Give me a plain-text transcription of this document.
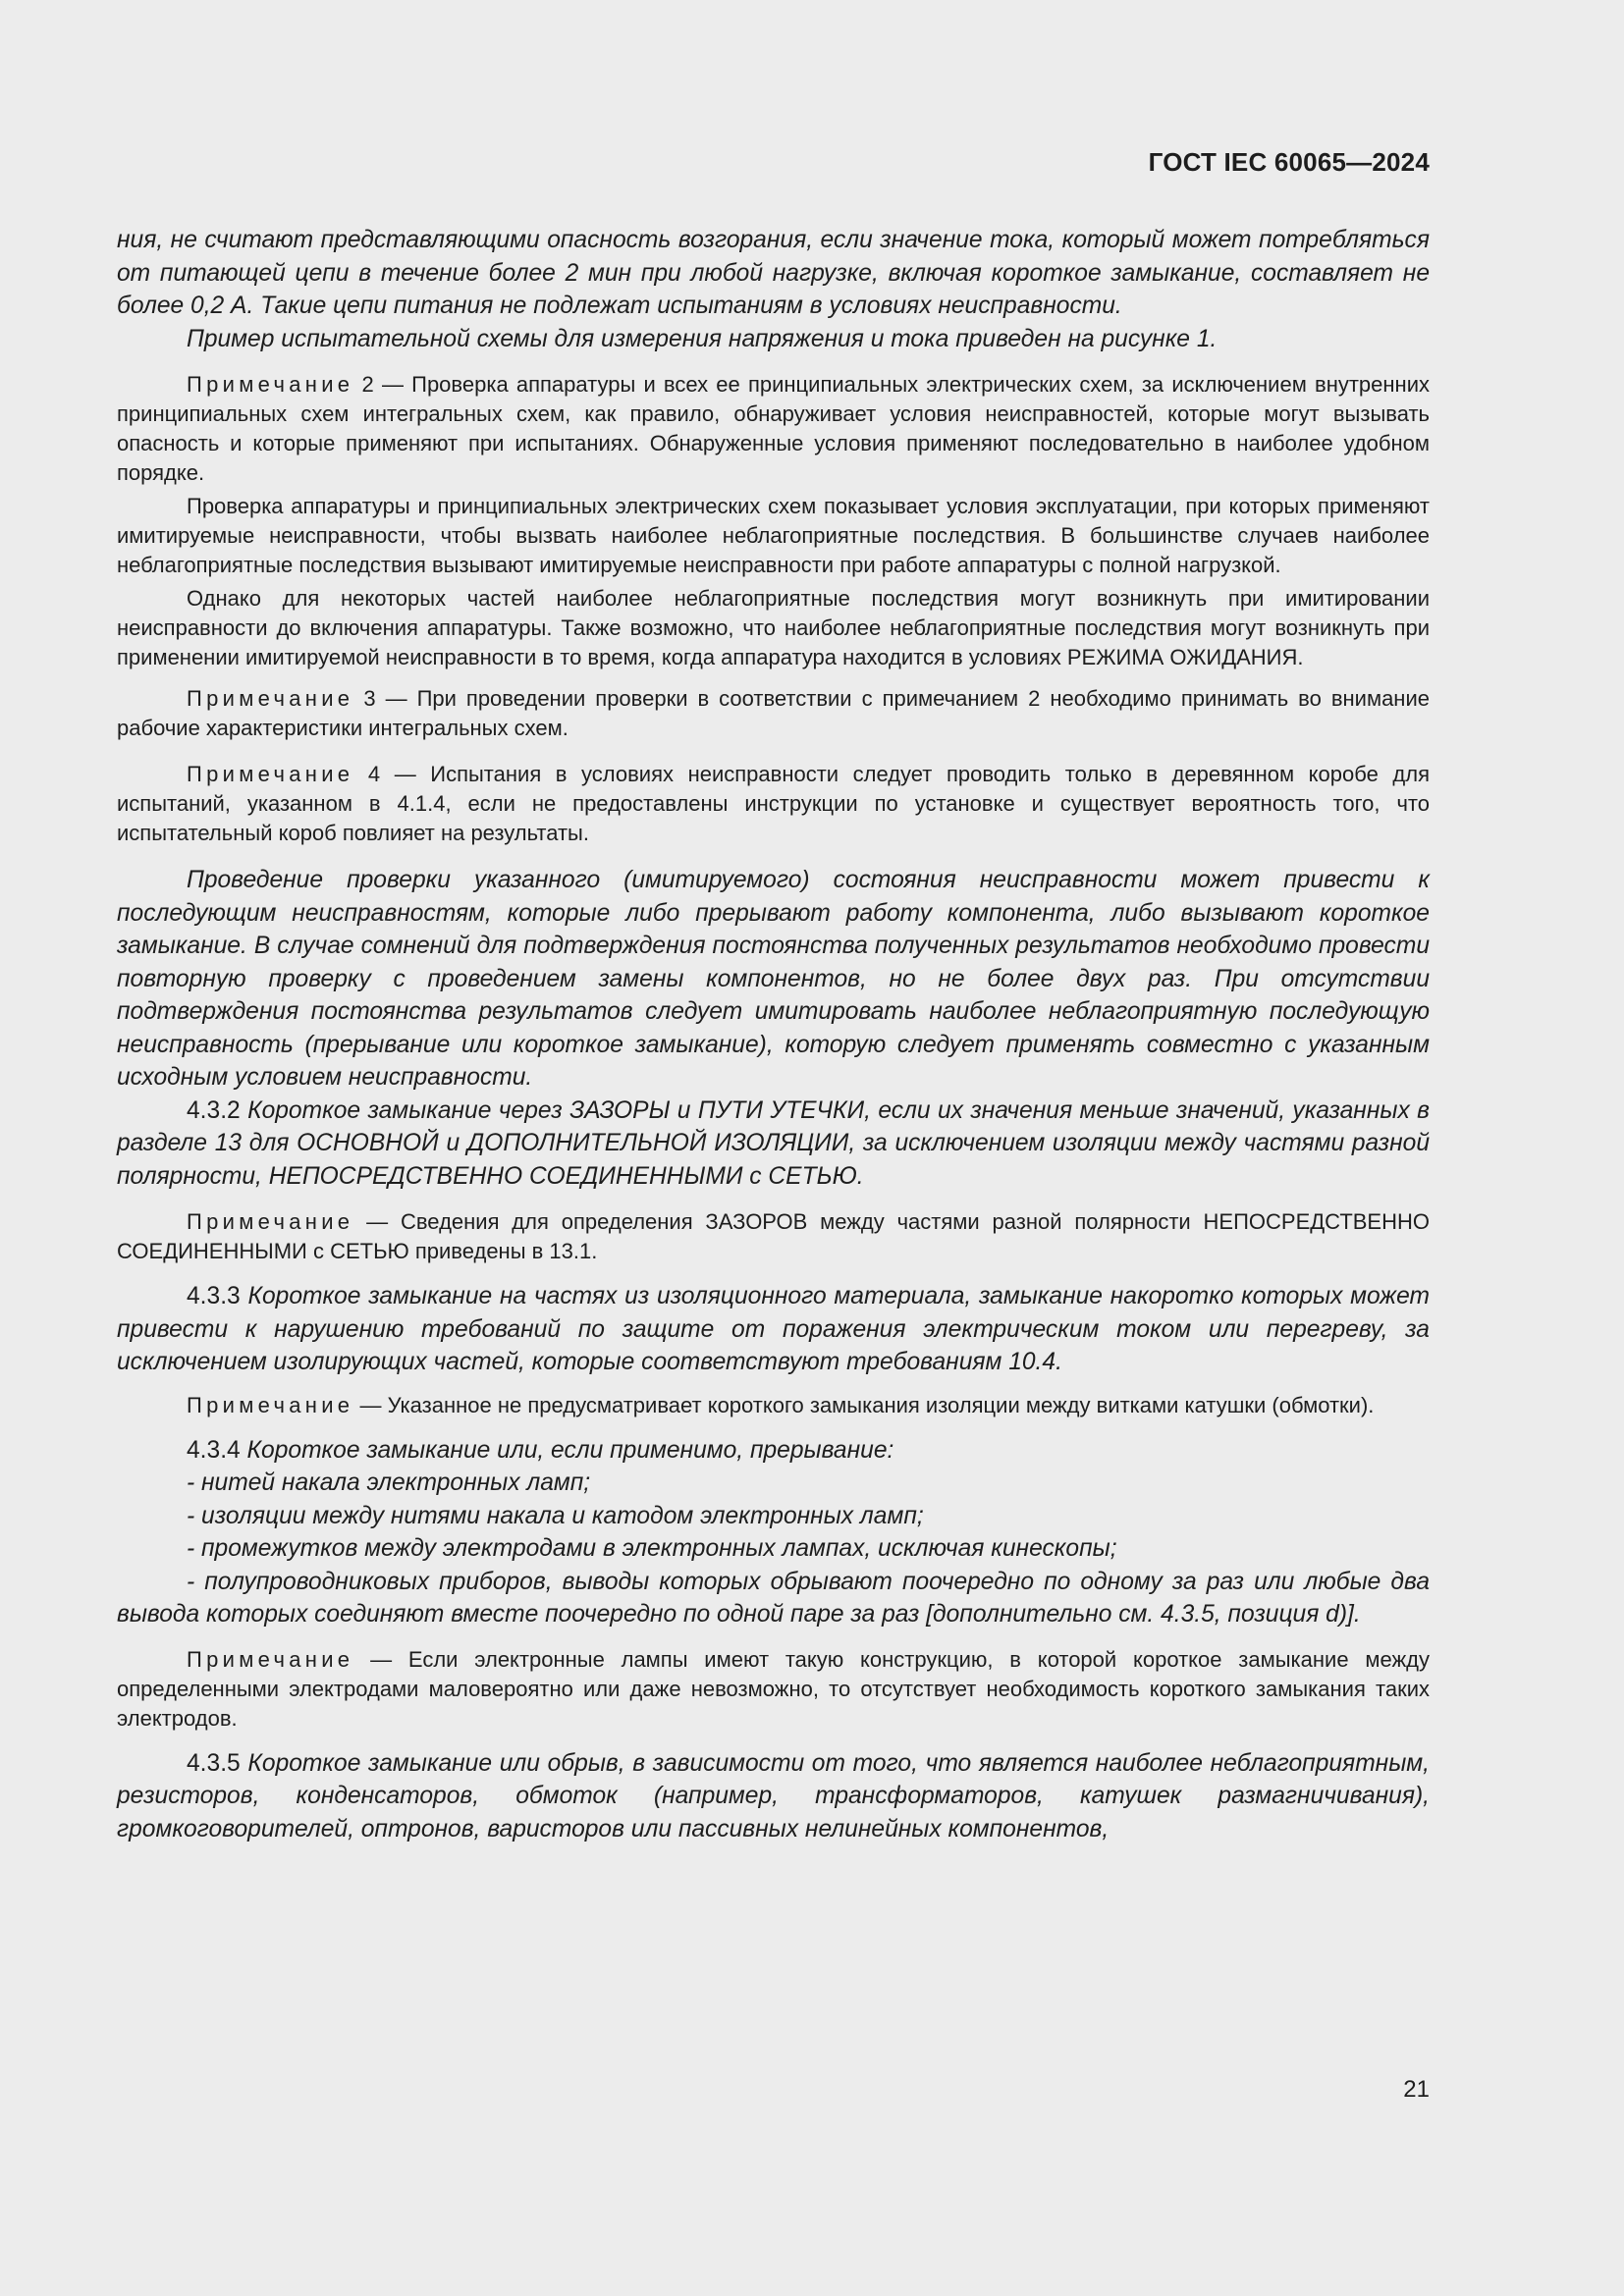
ГОСТ IEC 60065—2024

ния, не считают представляющими опасность возгорания, если значение тока, который может потребляться от питающей цепи в течение более 2 мин при любой нагрузке, включая короткое замыкание, составляет не более 0,2 А. Такие цепи питания не подлежат испытаниям в условиях неисправности.

Пример испытательной схемы для измерения напряжения и тока приведен на рисунке 1.

Примечание 2 — Проверка аппаратуры и всех ее принципиальных электрических схем, за исключением внутренних принципиальных схем интегральных схем, как правило, обнаруживает условия неисправностей, которые могут вызывать опасность и которые применяют при испытаниях. Обнаруженные условия применяют последовательно в наиболее удобном порядке.

Проверка аппаратуры и принципиальных электрических схем показывает условия эксплуатации, при которых применяют имитируемые неисправности, чтобы вызвать наиболее неблагоприятные последствия. В большинстве случаев наиболее неблагоприятные последствия вызывают имитируемые неисправности при работе аппаратуры с полной нагрузкой.

Однако для некоторых частей наиболее неблагоприятные последствия могут возникнуть при имитировании неисправности до включения аппаратуры. Также возможно, что наиболее неблагоприятные последствия могут возникнуть при применении имитируемой неисправности в то время, когда аппаратура находится в условиях РЕЖИМА ОЖИДАНИЯ.

Примечание 3 — При проведении проверки в соответствии с примечанием 2 необходимо принимать во внимание рабочие характеристики интегральных схем.

Примечание 4 — Испытания в условиях неисправности следует проводить только в деревянном коробе для испытаний, указанном в 4.1.4, если не предоставлены инструкции по установке и существует вероятность того, что испытательный короб повлияет на результаты.

Проведение проверки указанного (имитируемого) состояния неисправности может привести к последующим неисправностям, которые либо прерывают работу компонента, либо вызывают короткое замыкание. В случае сомнений для подтверждения постоянства полученных результатов необходимо провести повторную проверку с проведением замены компонентов, но не более двух раз. При отсутствии подтверждения постоянства результатов следует имитировать наиболее неблагоприятную последующую неисправность (прерывание или короткое замыкание), которую следует применять совместно с указанным исходным условием неисправности.

4.3.2 Короткое замыкание через ЗАЗОРЫ и ПУТИ УТЕЧКИ, если их значения меньше значений, указанных в разделе 13 для ОСНОВНОЙ и ДОПОЛНИТЕЛЬНОЙ ИЗОЛЯЦИИ, за исключением изоляции между частями разной полярности, НЕПОСРЕДСТВЕННО СОЕДИНЕННЫМИ с СЕТЬЮ.

Примечание — Сведения для определения ЗАЗОРОВ между частями разной полярности НЕПОСРЕДСТВЕННО СОЕДИНЕННЫМИ с СЕТЬЮ приведены в 13.1.

4.3.3 Короткое замыкание на частях из изоляционного материала, замыкание накоротко которых может привести к нарушению требований по защите от поражения электрическим током или перегреву, за исключением изолирующих частей, которые соответствуют требованиям 10.4.

Примечание — Указанное не предусматривает короткого замыкания изоляции между витками катушки (обмотки).

4.3.4 Короткое замыкание или, если применимо, прерывание:

- нитей накала электронных ламп;

- изоляции между нитями накала и катодом электронных ламп;

- промежутков между электродами в электронных лампах, исключая кинескопы;

- полупроводниковых приборов, выводы которых обрывают поочередно по одному за раз или любые два вывода которых соединяют вместе поочередно по одной паре за раз [дополнительно см. 4.3.5, позиция d)].

Примечание — Если электронные лампы имеют такую конструкцию, в которой короткое замыкание между определенными электродами маловероятно или даже невозможно, то отсутствует необходимость короткого замыкания таких электродов.

4.3.5 Короткое замыкание или обрыв, в зависимости от того, что является наиболее неблагоприятным, резисторов, конденсаторов, обмоток (например, трансформаторов, катушек размагничивания), громкоговорителей, оптронов, варисторов или пассивных нелинейных компонентов,

21
